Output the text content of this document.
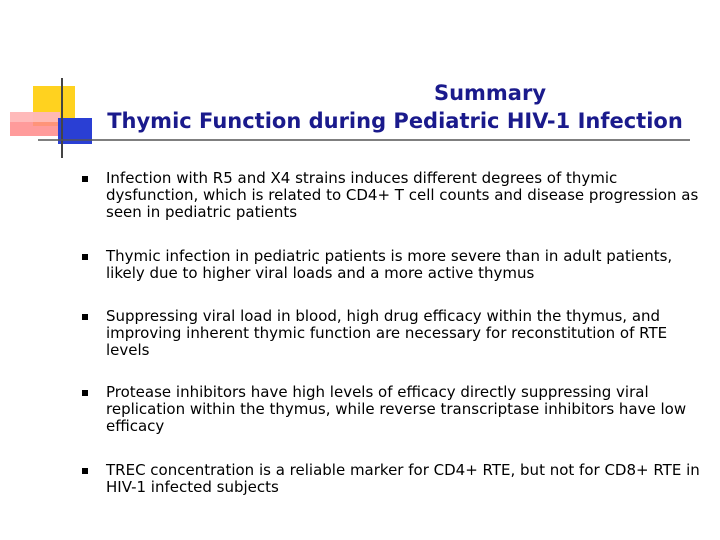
Summary
Thymic Function during Pediatric HIV-1 Infection
Infection with R5 and X4 strains induces different degrees of thymic dysfunction, which is related to CD4+ T cell counts and disease progression as seen in pediatric patients
Thymic infection in pediatric patients is more severe than in adult patients, likely due to higher viral loads and a more active thymus
Suppressing viral load in blood, high drug efficacy within the thymus, and improving inherent thymic function are necessary for reconstitution of RTE levels
Protease inhibitors have high levels of efficacy directly suppressing viral replication within the thymus, while reverse transcriptase inhibitors have low efficacy
TREC concentration is a reliable marker for CD4+ RTE, but not for CD8+ RTE in HIV-1 infected subjects
